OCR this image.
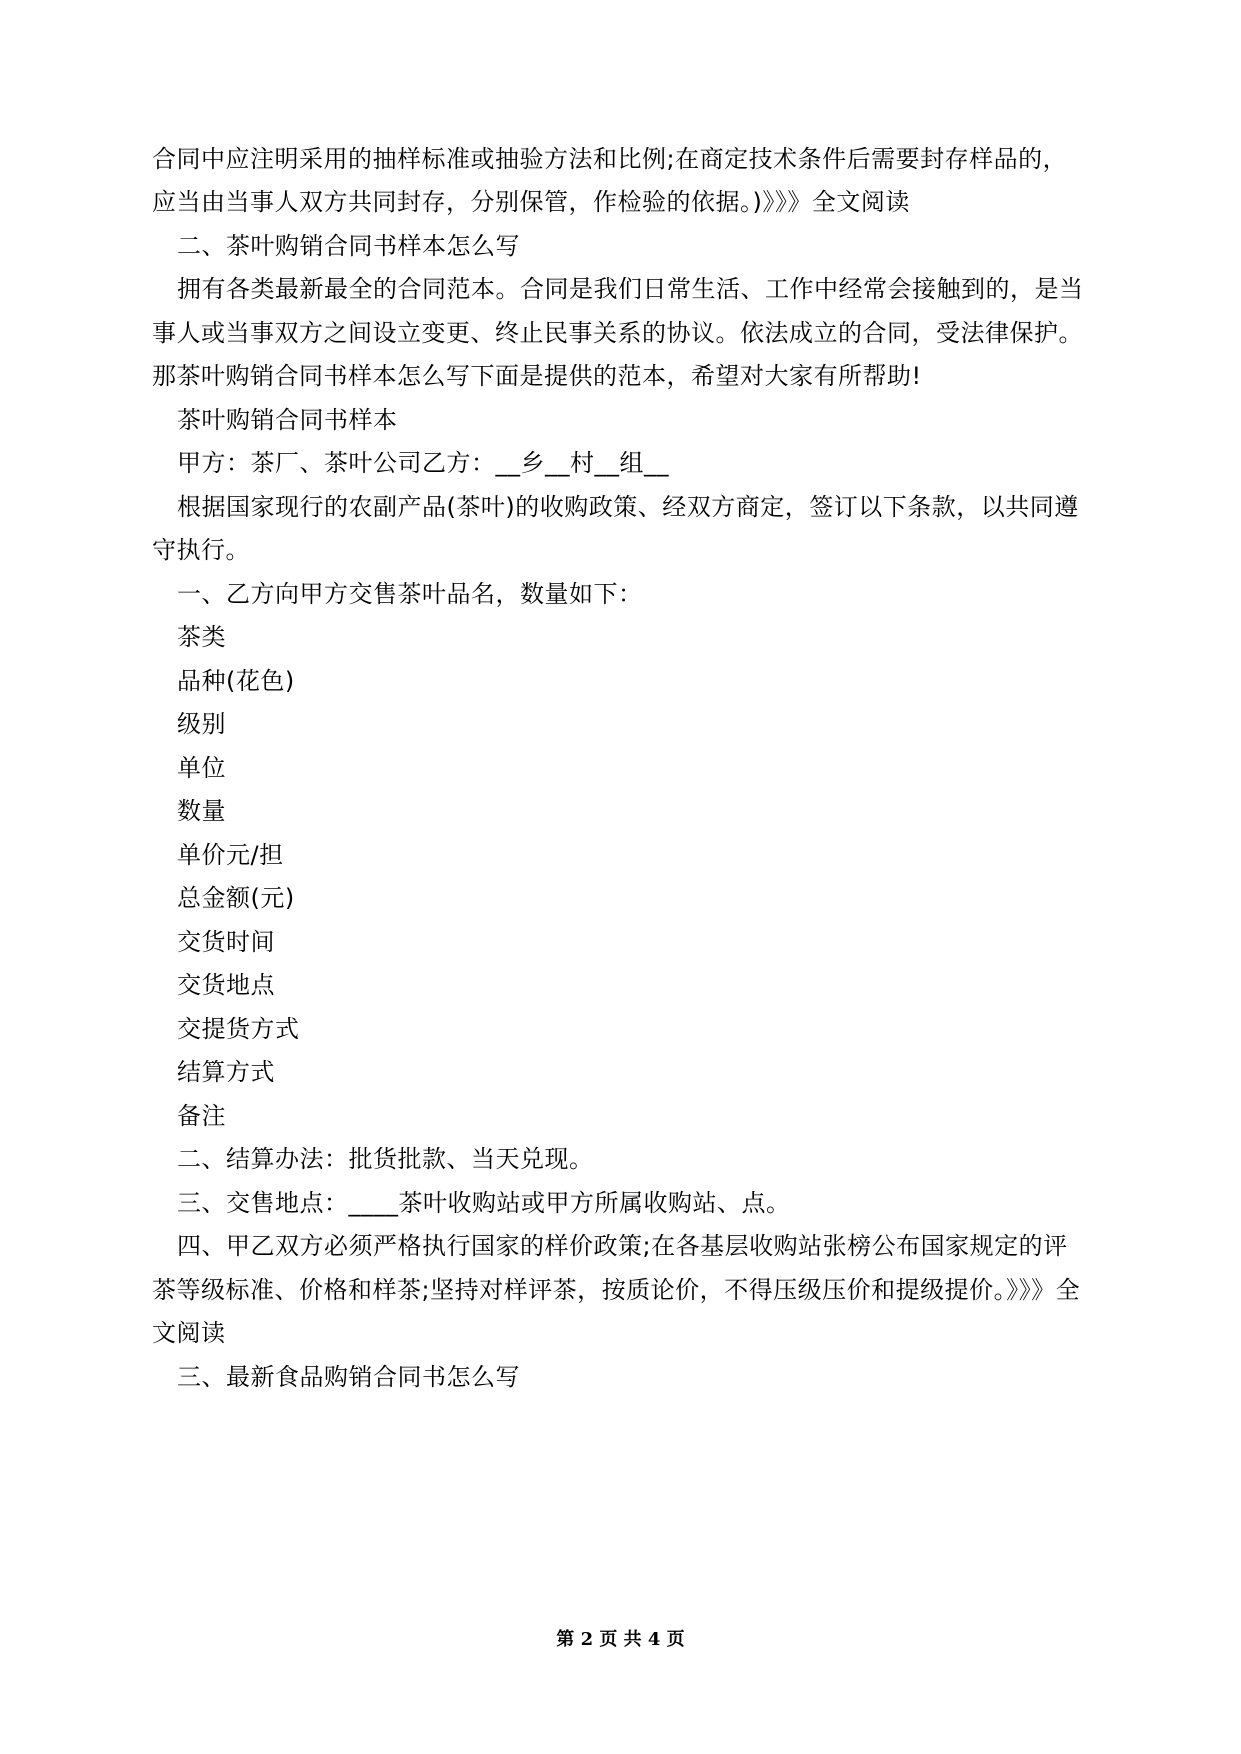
合同中应注明采用的抽样标准或抽验方法和比例;在商定技术条件后需要封存样品的，
应当由当事人双方共同封存，分别保管，作检验的依据。)》》》全文阅读
二、茶叶购销合同书样本怎么写
拥有各类最新最全的合同范本。合同是我们日常生活、工作中经常会接触到的，是当
事人或当事双方之间设立变更、终止民事关系的协议。依法成立的合同，受法律保护。
那茶叶购销合同书样本怎么写下面是提供的范本，希望对大家有所帮助!
茶叶购销合同书样本
甲方：茶厂、茶叶公司乙方：__乡__村__组__
根据国家现行的农副产品(茶叶)的收购政策、经双方商定，签订以下条款，以共同遵
守执行。
一、乙方向甲方交售茶叶品名，数量如下：
茶类
品种(花色)
级别
单位
数量
单价元/担
总金额(元)
交货时间
交货地点
交提货方式
结算方式
备注
二、结算办法：批货批款、当天兑现。
三、交售地点：____茶叶收购站或甲方所属收购站、点。
四、甲乙双方必须严格执行国家的样价政策;在各基层收购站张榜公布国家规定的评
茶等级标准、价格和样茶;坚持对样评茶，按质论价，不得压级压价和提级提价。》》》全
文阅读
三、最新食品购销合同书怎么写
第 2 页 共 4 页
